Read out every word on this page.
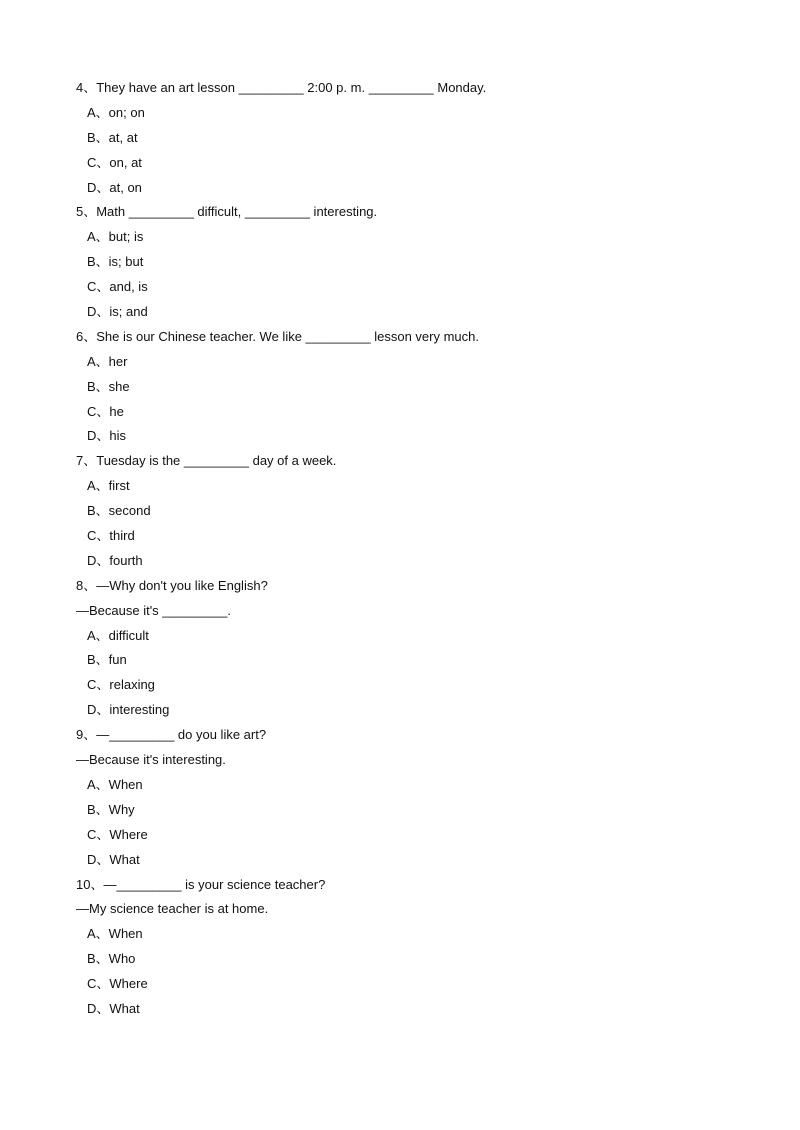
4、They have an art lesson _________ 2:00 p. m. _________ Monday.
A、on; on
B、at, at
C、on, at
D、at, on
5、Math _________ difficult, _________ interesting.
A、but; is
B、is; but
C、and, is
D、is; and
6、She is our Chinese teacher. We like _________ lesson very much.
A、her
B、she
C、he
D、his
7、Tuesday is the _________ day of a week.
A、first
B、second
C、third
D、fourth
8、—Why don't you like English?
—Because it's _________.
A、difficult
B、fun
C、relaxing
D、interesting
9、—_________ do you like art?
—Because it's interesting.
A、When
B、Why
C、Where
D、What
10、—_________ is your science teacher?
—My science teacher is at home.
A、When
B、Who
C、Where
D、What
